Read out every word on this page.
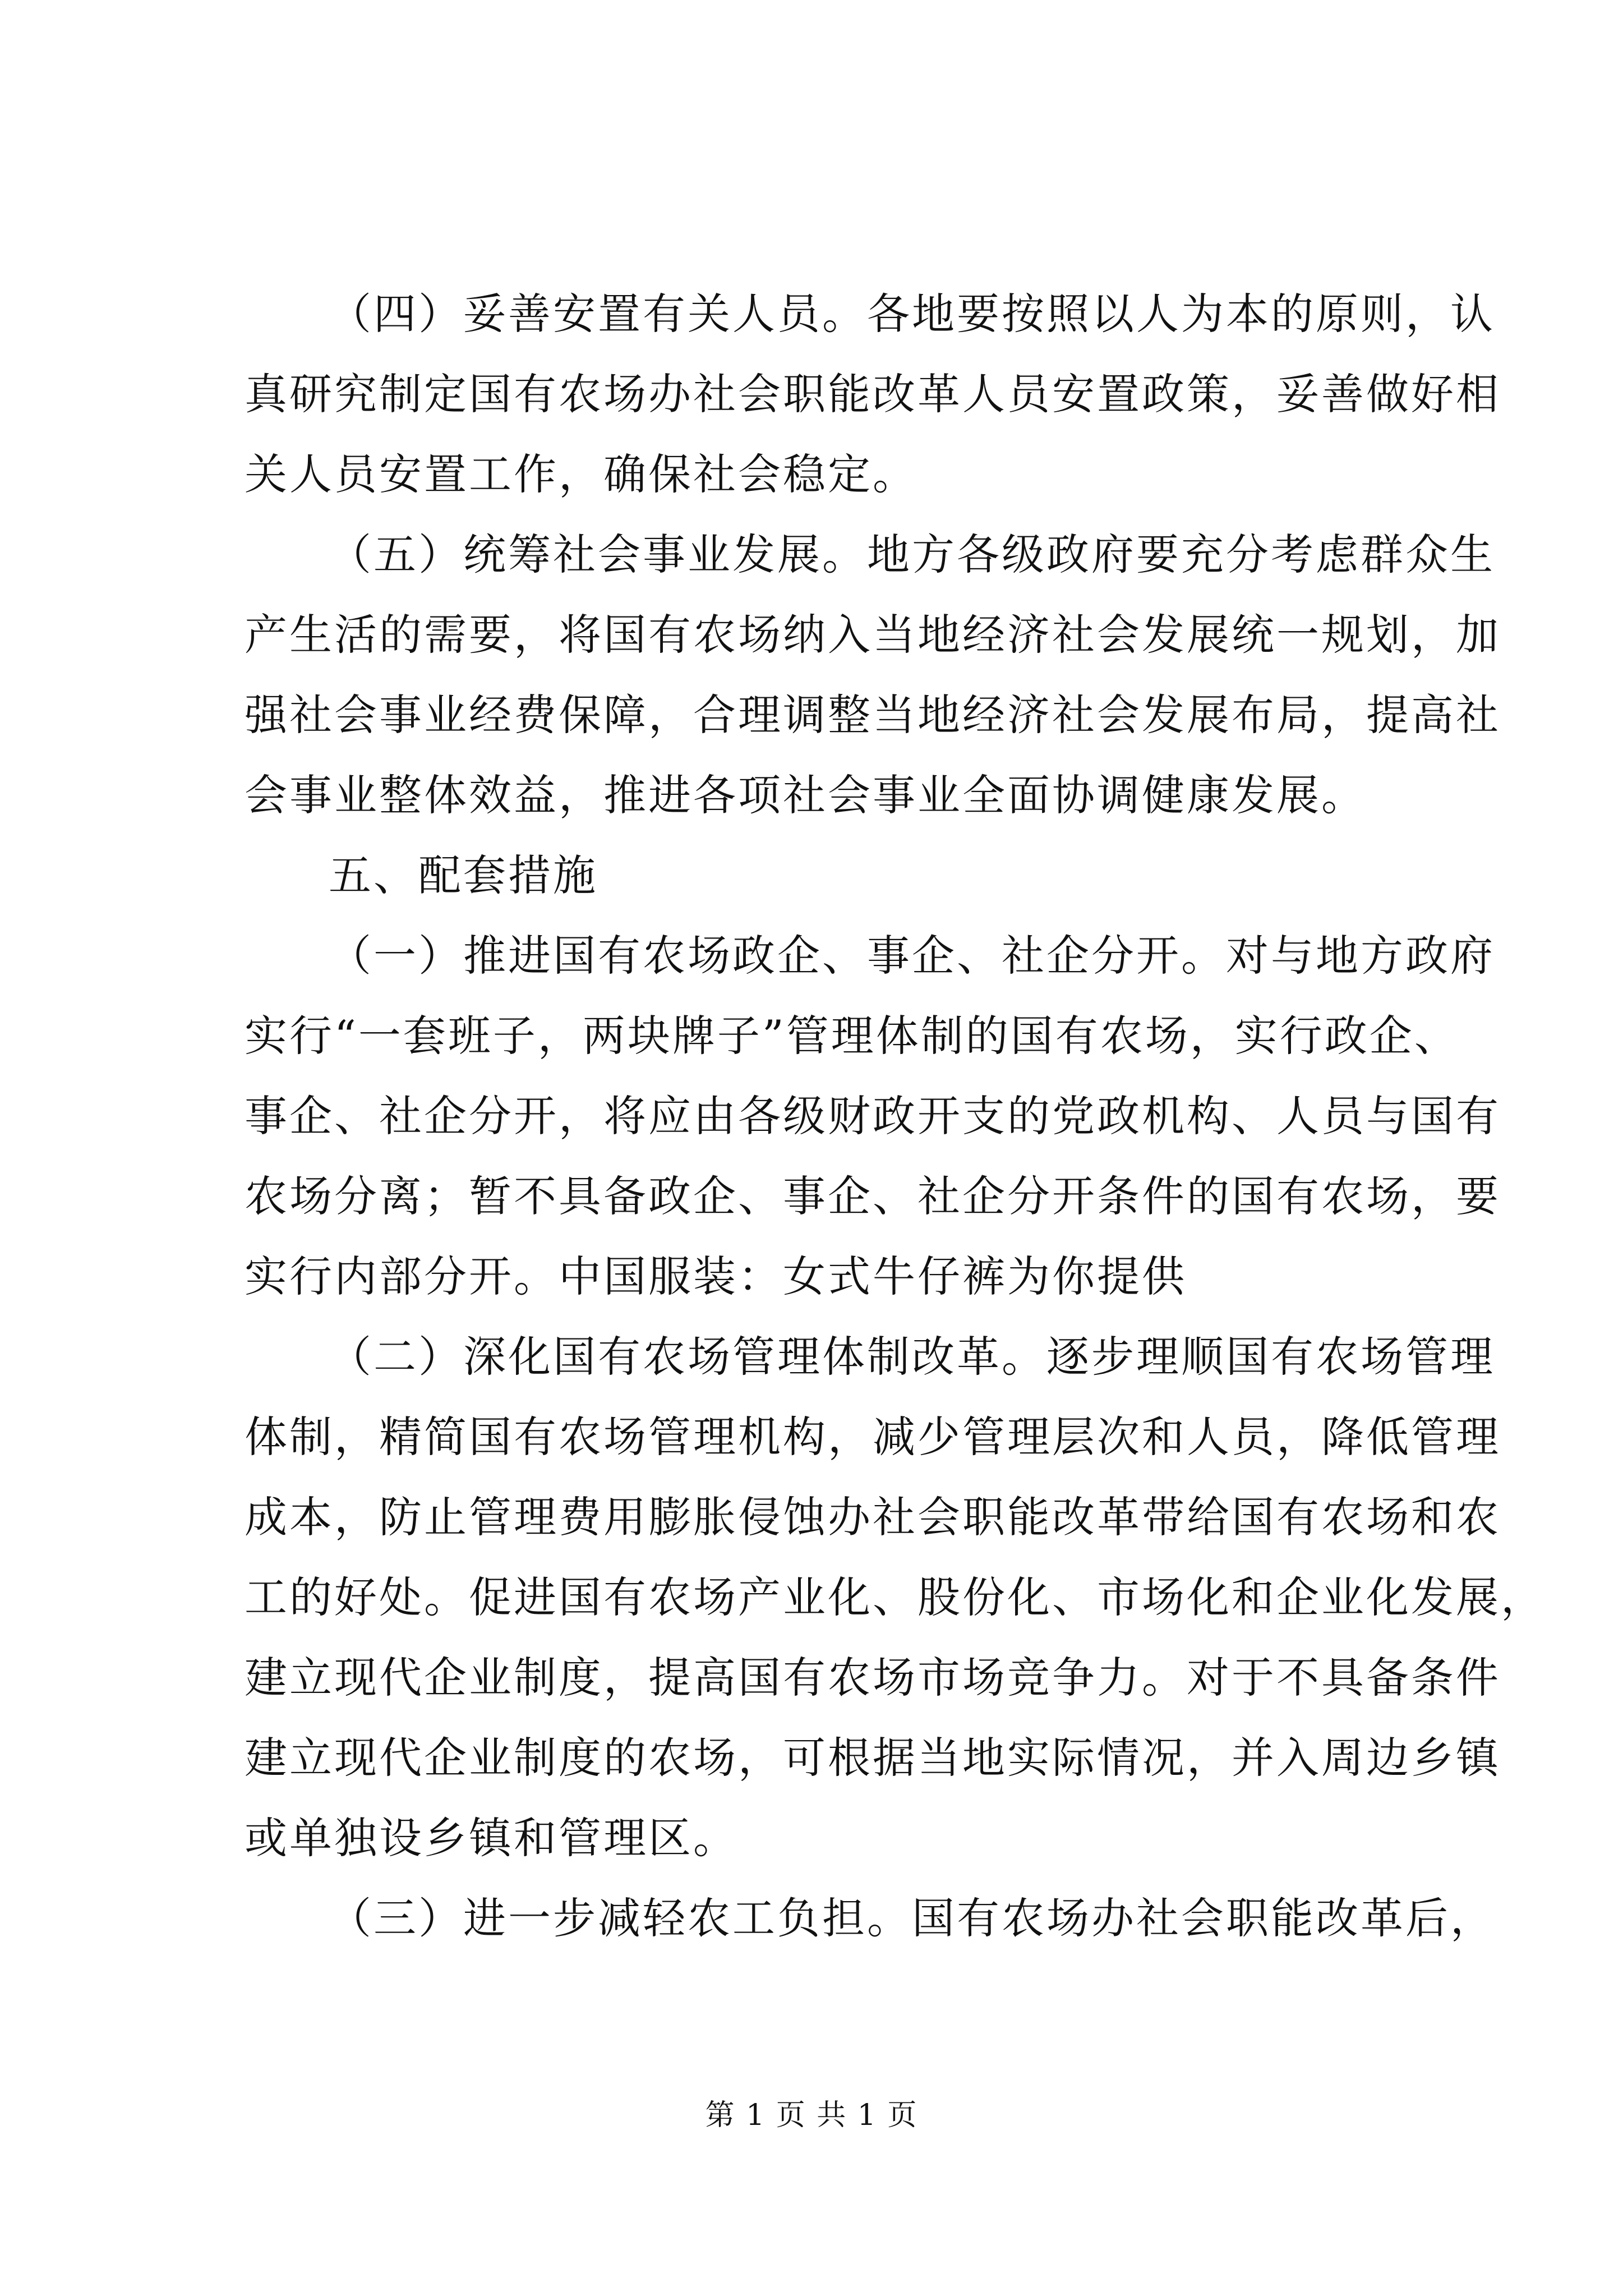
（四）妥善安置有关人员。各地要按照以人为本的原则，认
真研究制定国有农场办社会职能改革人员安置政策，妥善做好相
关人员安置工作，确保社会稳定。
（五）统筹社会事业发展。地方各级政府要充分考虑群众生
产生活的需要，将国有农场纳入当地经济社会发展统一规划，加
强社会事业经费保障，合理调整当地经济社会发展布局，提高社
会事业整体效益，推进各项社会事业全面协调健康发展。
五、配套措施
（一）推进国有农场政企、事企、社企分开。对与地方政府
实行“一套班子，两块牌子”管理体制的国有农场，实行政企、
事企、社企分开，将应由各级财政开支的党政机构、人员与国有
农场分离；暂不具备政企、事企、社企分开条件的国有农场，要
实行内部分开。中国服装：女式牛仔裤为你提供
（二）深化国有农场管理体制改革。逐步理顺国有农场管理
体制，精简国有农场管理机构，减少管理层次和人员，降低管理
成本，防止管理费用膨胀侵蚀办社会职能改革带给国有农场和农
工的好处。促进国有农场产业化、股份化、市场化和企业化发展，
建立现代企业制度，提高国有农场市场竞争力。对于不具备条件
建立现代企业制度的农场，可根据当地实际情况，并入周边乡镇
或单独设乡镇和管理区。
（三）进一步减轻农工负担。国有农场办社会职能改革后，
第 1 页 共 1 页
